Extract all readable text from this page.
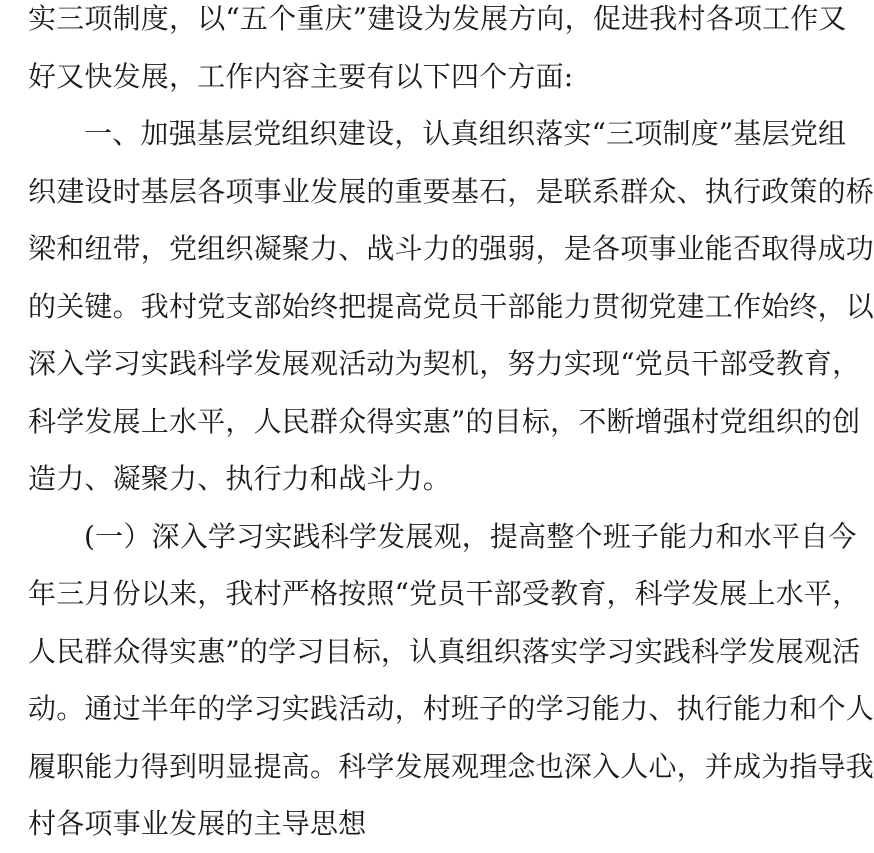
实三项制度，以“五个重庆”建设为发展方向，促进我村各项工作又
好又快发展，工作内容主要有以下四个方面:
一、加强基层党组织建设，认真组织落实“三项制度”基层党组
织建设时基层各项事业发展的重要基石，是联系群众、执行政策的桥
梁和纽带，党组织凝聚力、战斗力的强弱，是各项事业能否取得成功
的关键。我村党支部始终把提高党员干部能力贯彻党建工作始终，以
深入学习实践科学发展观活动为契机，努力实现“党员干部受教育，
科学发展上水平，人民群众得实惠”的目标，不断增强村党组织的创
造力、凝聚力、执行力和战斗力。
(一）深入学习实践科学发展观，提高整个班子能力和水平自今
年三月份以来，我村严格按照“党员干部受教育，科学发展上水平，
人民群众得实惠”的学习目标，认真组织落实学习实践科学发展观活
动。通过半年的学习实践活动，村班子的学习能力、执行能力和个人
履职能力得到明显提高。科学发展观理念也深入人心，并成为指导我
村各项事业发展的主导思想
